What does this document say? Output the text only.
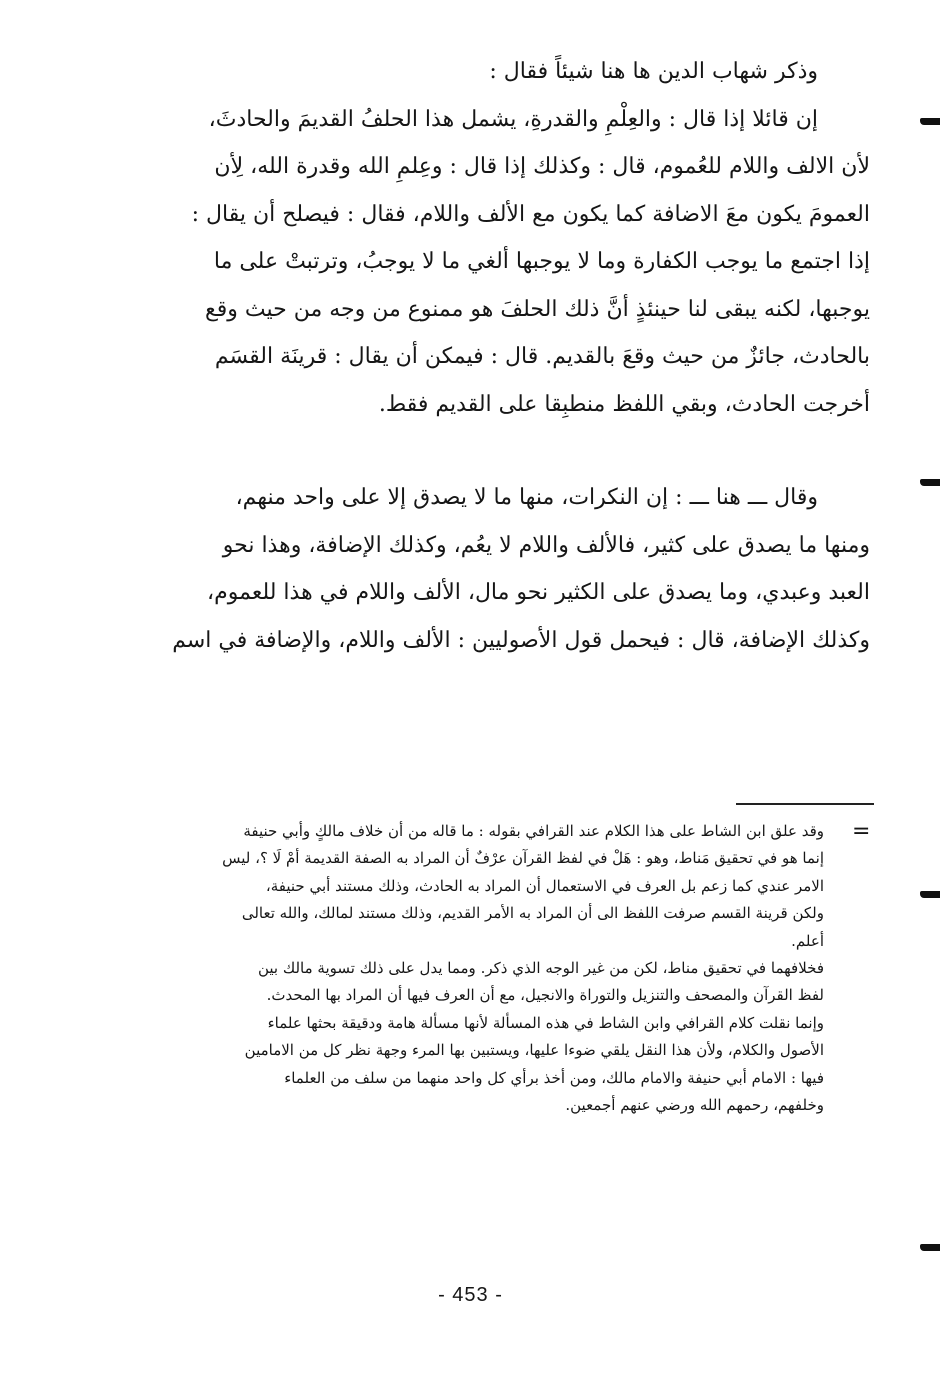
وذكر شهاب الدين ها هنا شيئاً فقال :
إن قائلا إذا قال : والعِلْمِ والقدرةِ، يشمل هذا الحلفُ القديمَ والحادثَ،
لأن الالف واللام للعُموم، قال : وكذلك إذا قال : وعِلمِ الله وقدرة الله، لِأن
العمومَ يكون معَ الاضافة كما يكون مع الألف واللام، فقال : فيصلح أن يقال :
إذا اجتمع ما يوجب الكفارة وما لا يوجبها ألغي ما لا يوجبُ، وترتبتْ على ما
يوجبها، لكنه يبقى لنا حينئذٍ أنَّ ذلك الحلفَ هو ممنوع من وجه من حيث وقع
بالحادث، جائزٌ من حيث وقعَ بالقديم. قال : فيمكن أن يقال : قرينَة القسَم
أخرجت الحادث، وبقي اللفظ منطبِقا على القديم فقط.
وقال ـــ هنا ـــ : إن النكرات، منها ما لا يصدق إلا على واحد منهم،
ومنها ما يصدق على كثير، فالألف واللام لا يعُم، وكذلك الإضافة، وهذا نحو
العبد وعبدي، وما يصدق على الكثير نحو مال، الألف واللام في هذا للعموم،
وكذلك الإضافة، قال : فيحمل قول الأصوليين : الألف واللام، والإضافة في اسم
=
وقد علق ابن الشاط على هذا الكلام عند القرافي بقوله : ما قاله من أن خلاف مالكٍ وأبي حنيفة
إنما هو في تحقيق مَناط، وهو : هَلْ في لفظ القرآن عرْفٌ أن المراد به الصفة القديمة أمْ لَا ؟، ليس
الامر عندي كما زعم بل العرف في الاستعمال أن المراد به الحادث، وذلك مستند أبي حنيفة،
ولكن قرينة القسم صرفت اللفظ الى أن المراد به الأمر القديم، وذلك مستند لمالك، والله تعالى
أعلم.
فخلافهما في تحقيق مناط، لكن من غير الوجه الذي ذكر. ومما يدل على ذلك تسوية مالك بين
لفظ القرآن والمصحف والتنزيل والتوراة والانجيل، مع أن العرف فيها أن المراد بها المحدث.
وإنما نقلت كلام القرافي وابن الشاط في هذه المسألة لأنها مسألة هامة ودقيقة بحثها علماء
الأصول والكلام، ولأن هذا النقل يلقي ضوءا عليها، ويستبين بها المرء وجهة نظر كل من الامامين
فيها : الامام أبي حنيفة والامام مالك، ومن أخذ برأي كل واحد منهما من سلف من العلماء
وخلفهم، رحمهم الله ورضي عنهم أجمعين.
- 453 -
